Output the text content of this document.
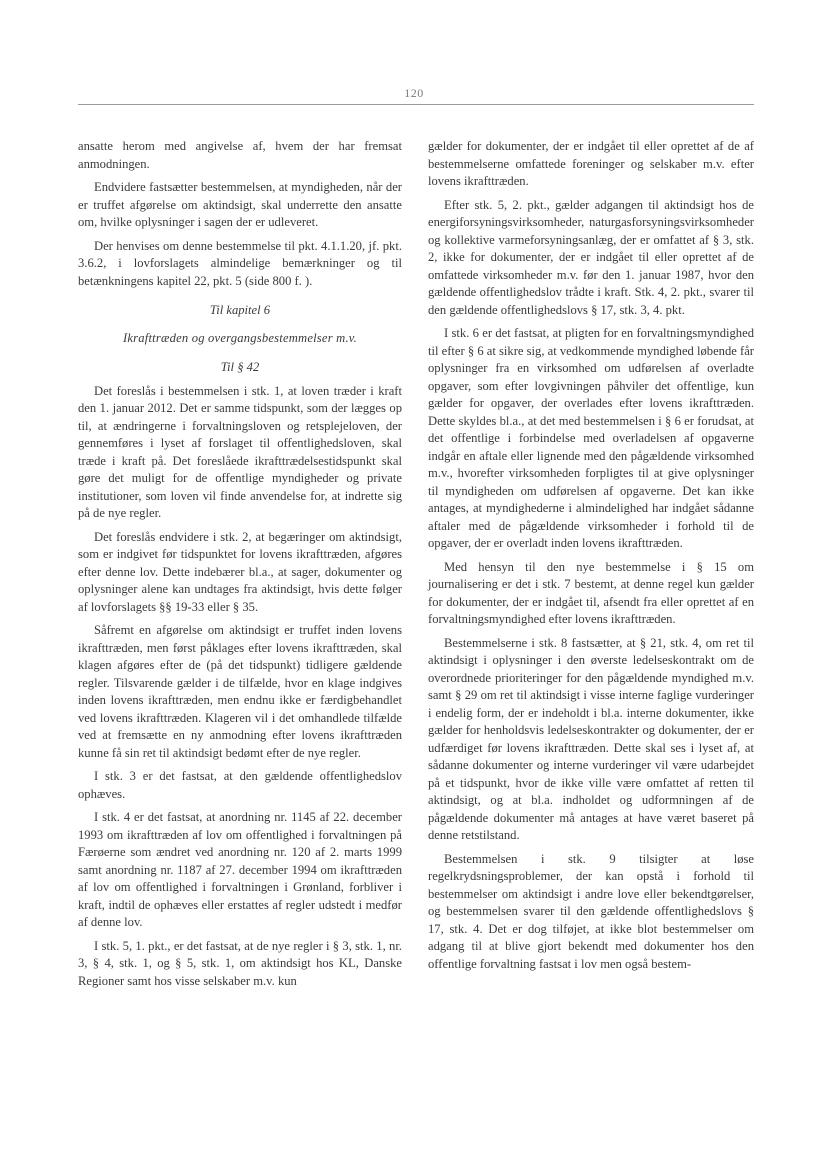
120

ansatte herom med angivelse af, hvem der har fremsat anmodningen.

Endvidere fastsætter bestemmelsen, at myndigheden, når der er truffet afgørelse om aktindsigt, skal underrette den ansatte om, hvilke oplysninger i sagen der er udleveret.

Der henvises om denne bestemmelse til pkt. 4.1.1.20, jf. pkt. 3.6.2, i lovforslagets almindelige bemærkninger og til betænkningens kapitel 22, pkt. 5 (side 800 f. ).

Til kapitel 6

Ikrafttræden og overgangsbestemmelser m.v.

Til § 42

Det foreslås i bestemmelsen i stk. 1, at loven træder i kraft den 1. januar 2012. Det er samme tidspunkt, som der lægges op til, at ændringerne i forvaltningsloven og retsplejeloven, der gennemføres i lyset af forslaget til offentlighedsloven, skal træde i kraft på. Det foreslåede ikrafttrædelsestidspunkt skal gøre det muligt for de offentlige myndigheder og private institutioner, som loven vil finde anvendelse for, at indrette sig på de nye regler.

Det foreslås endvidere i stk. 2, at begæringer om aktindsigt, som er indgivet før tidspunktet for lovens ikrafttræden, afgøres efter denne lov. Dette indebærer bl.a., at sager, dokumenter og oplysninger alene kan undtages fra aktindsigt, hvis dette følger af lovforslagets §§ 19-33 eller § 35.

Såfremt en afgørelse om aktindsigt er truffet inden lovens ikrafttræden, men først påklages efter lovens ikrafttræden, skal klagen afgøres efter de (på det tidspunkt) tidligere gældende regler. Tilsvarende gælder i de tilfælde, hvor en klage indgives inden lovens ikrafttræden, men endnu ikke er færdigbehandlet ved lovens ikrafttræden. Klageren vil i det omhandlede tilfælde ved at fremsætte en ny anmodning efter lovens ikrafttræden kunne få sin ret til aktindsigt bedømt efter de nye regler.

I stk. 3 er det fastsat, at den gældende offentlighedslov ophæves.

I stk. 4 er det fastsat, at anordning nr. 1145 af 22. december 1993 om ikrafttræden af lov om offentlighed i forvaltningen på Færøerne som ændret ved anordning nr. 120 af 2. marts 1999 samt anordning nr. 1187 af 27. december 1994 om ikrafttræden af lov om offentlighed i forvaltningen i Grønland, forbliver i kraft, indtil de ophæves eller erstattes af regler udstedt i medfør af denne lov.

I stk. 5, 1. pkt., er det fastsat, at de nye regler i § 3, stk. 1, nr. 3, § 4, stk. 1, og § 5, stk. 1, om aktindsigt hos KL, Danske Regioner samt hos visse selskaber m.v. kun

gælder for dokumenter, der er indgået til eller oprettet af de af bestemmelserne omfattede foreninger og selskaber m.v. efter lovens ikrafttræden.

Efter stk. 5, 2. pkt., gælder adgangen til aktindsigt hos de energiforsyningsvirksomheder, naturgasforsyningsvirksomheder og kollektive varmeforsyningsanlæg, der er omfattet af § 3, stk. 2, ikke for dokumenter, der er indgået til eller oprettet af de omfattede virksomheder m.v. før den 1. januar 1987, hvor den gældende offentlighedslov trådte i kraft. Stk. 4, 2. pkt., svarer til den gældende offentlighedslovs § 17, stk. 3, 4. pkt.

I stk. 6 er det fastsat, at pligten for en forvaltningsmyndighed til efter § 6 at sikre sig, at vedkommende myndighed løbende får oplysninger fra en virksomhed om udførelsen af overladte opgaver, som efter lovgivningen påhviler det offentlige, kun gælder for opgaver, der overlades efter lovens ikrafttræden. Dette skyldes bl.a., at det med bestemmelsen i § 6 er forudsat, at det offentlige i forbindelse med overladelsen af opgaverne indgår en aftale eller lignende med den pågældende virksomhed m.v., hvorefter virksomheden forpligtes til at give oplysninger til myndigheden om udførelsen af opgaverne. Det kan ikke antages, at myndighederne i almindelighed har indgået sådanne aftaler med de pågældende virksomheder i forhold til de opgaver, der er overladt inden lovens ikrafttræden.

Med hensyn til den nye bestemmelse i § 15 om journalisering er det i stk. 7 bestemt, at denne regel kun gælder for dokumenter, der er indgået til, afsendt fra eller oprettet af en forvaltningsmyndighed efter lovens ikrafttræden.

Bestemmelserne i stk. 8 fastsætter, at § 21, stk. 4, om ret til aktindsigt i oplysninger i den øverste ledelseskontrakt om de overordnede prioriteringer for den pågældende myndighed m.v. samt § 29 om ret til aktindsigt i visse interne faglige vurderinger i endelig form, der er indeholdt i bl.a. interne dokumenter, ikke gælder for henholdsvis ledelseskontrakter og dokumenter, der er udfærdiget før lovens ikrafttræden. Dette skal ses i lyset af, at sådanne dokumenter og interne vurderinger vil være udarbejdet på et tidspunkt, hvor de ikke ville være omfattet af retten til aktindsigt, og at bl.a. indholdet og udformningen af de pågældende dokumenter må antages at have været baseret på denne retstilstand.

Bestemmelsen i stk. 9 tilsigter at løse regelkrydsningsproblemer, der kan opstå i forhold til bestemmelser om aktindsigt i andre love eller bekendtgørelser, og bestemmelsen svarer til den gældende offentlighedslovs § 17, stk. 4. Det er dog tilføjet, at ikke blot bestemmelser om adgang til at blive gjort bekendt med dokumenter hos den offentlige forvaltning fastsat i lov men også bestem-
